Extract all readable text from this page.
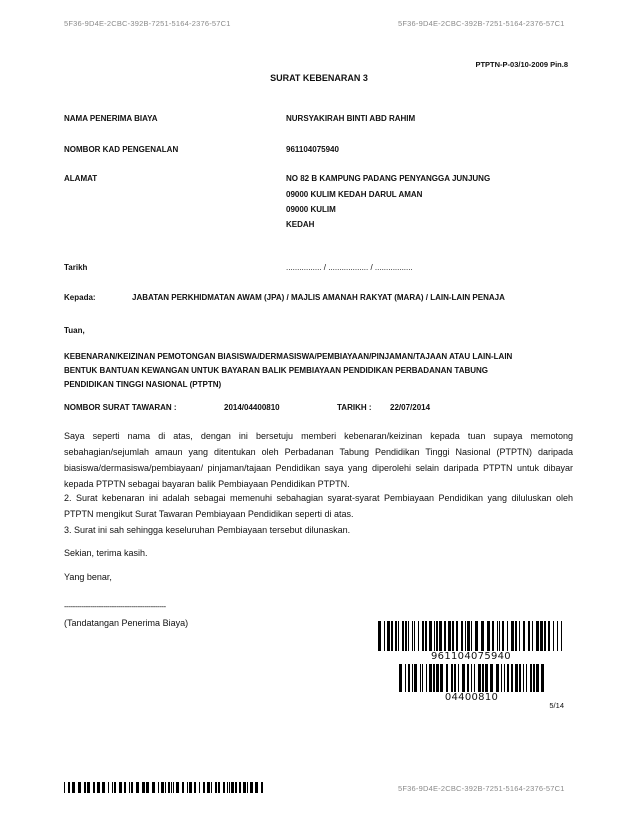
5F36-9D4E-2CBC-392B-7251-5164-2376-57C1	5F36-9D4E-2CBC-392B-7251-5164-2376-57C1
PTPTN-P-03/10-2009 Pin.8
SURAT KEBENARAN 3
NAMA PENERIMA BIAYA	NURSYAKIRAH BINTI ABD RAHIM
NOMBOR KAD PENGENALAN	961104075940
ALAMAT	NO 82 B KAMPUNG PADANG PENYANGGA JUNJUNG
09000 KULIM KEDAH DARUL AMAN
09000 KULIM
KEDAH
Tarikh	................ / .................. / .................
Kepada:	JABATAN PERKHIDMATAN AWAM (JPA) / MAJLIS AMANAH RAKYAT (MARA) / LAIN-LAIN PENAJA
Tuan,
KEBENARAN/KEIZINAN PEMOTONGAN BIASISWA/DERMASISWA/PEMBIAYAAN/PINJAMAN/TAJAAN ATAU LAIN-LAIN
BENTUK BANTUAN KEWANGAN UNTUK BAYARAN BALIK PEMBIAYAAN PENDIDIKAN PERBADANAN TABUNG
PENDIDIKAN TINGGI NASIONAL (PTPTN)
NOMBOR SURAT TAWARAN :	2014/04400810	TARIKH : 22/07/2014
Saya seperti nama di atas, dengan ini bersetuju memberi kebenaran/keizinan kepada tuan supaya memotong sebahagian/sejumlah amaun yang ditentukan oleh Perbadanan Tabung Pendidikan Tinggi Nasional (PTPTN) daripada biasiswa/dermasiswa/pembiayaan/ pinjaman/tajaan Pendidikan saya yang diperolehi selain daripada PTPTN untuk dibayar kepada PTPTN sebagai bayaran balik Pembiayaan Pendidikan PTPTN.
2. Surat kebenaran ini adalah sebagai memenuhi sebahagian syarat-syarat Pembiayaan Pendidikan yang diluluskan oleh PTPTN mengikut Surat Tawaran Pembiayaan Pendidikan seperti di atas.
3. Surat ini sah sehingga keseluruhan Pembiayaan tersebut dilunaskan.
Sekian, terima kasih.
Yang benar,
-----------------------------------------------
(Tandatangan Penerima Biaya)
961104075940
04400810
5/14
5F36-9D4E-2CBC-392B-7251-5164-2376-57C1
